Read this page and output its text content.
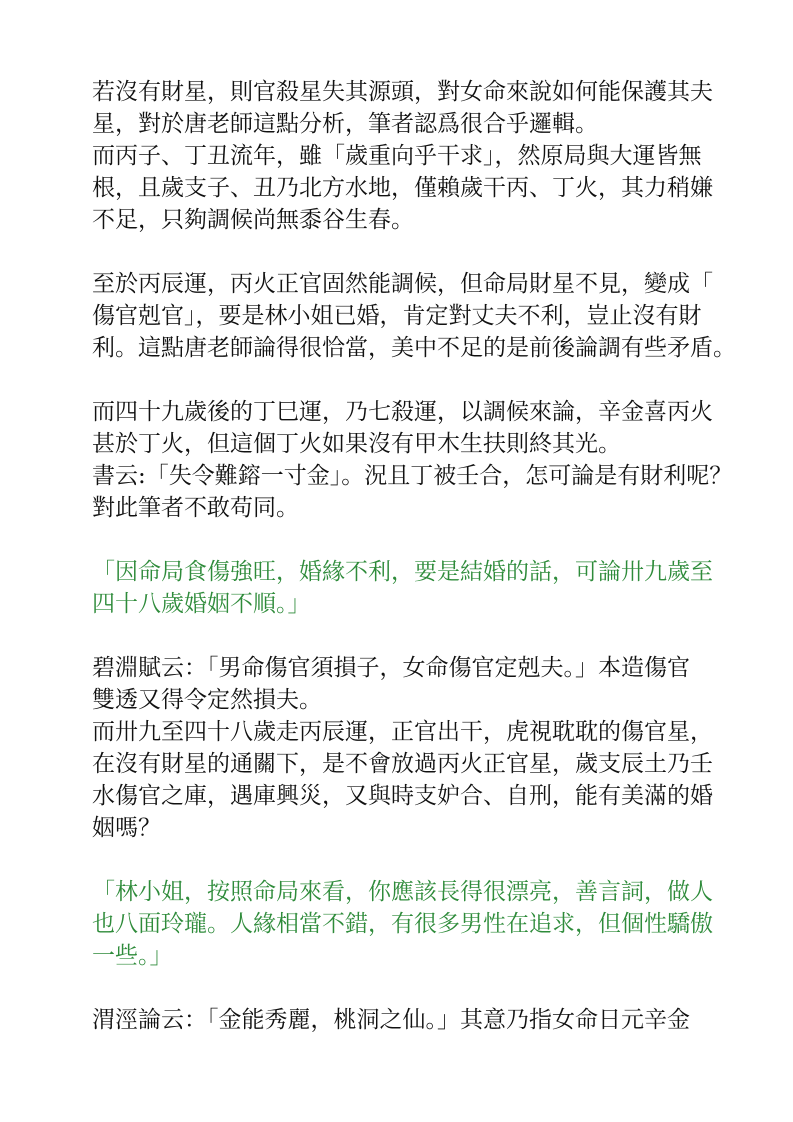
若沒有財星，則官殺星失其源頭，對女命來說如何能保護其夫
星，對於唐老師這點分析，筆者認爲很合乎邏輯。
而丙子、丁丑流年，雖「歲重向乎干求」，然原局與大運皆無
根，且歲支子、丑乃北方水地，僅賴歲干丙、丁火，其力稍嫌
不足，只夠調候尚無黍谷生春。
至於丙辰運，丙火正官固然能調候，但命局財星不見，變成「
傷官剋官」，要是林小姐已婚，肯定對丈夫不利，豈止沒有財
利。這點唐老師論得很恰當，美中不足的是前後論調有些矛盾。
而四十九歲後的丁巳運，乃七殺運，以調候來論，辛金喜丙火
甚於丁火，但這個丁火如果沒有甲木生扶則終其光。
書云:「失令難鎔一寸金」。況且丁被壬合，怎可論是有財利呢？
對此筆者不敢苟同。
「因命局食傷強旺，婚緣不利，要是結婚的話，可論卅九歲至
四十八歲婚姻不順。」
碧淵賦云：「男命傷官須損子，女命傷官定剋夫。」本造傷官
雙透又得令定然損夫。
而卅九至四十八歲走丙辰運，正官出干，虎視耽耽的傷官星，
在沒有財星的通關下，是不會放過丙火正官星，歲支辰土乃壬
水傷官之庫，遇庫興災，又與時支妒合、自刑，能有美滿的婚
姻嗎？
「林小姐，按照命局來看，你應該長得很漂亮，善言詞，做人
也八面玲瓏。人緣相當不錯，有很多男性在追求，但個性驕傲
一些。」
渭涇論云：「金能秀麗，桃洞之仙。」其意乃指女命日元辛金
